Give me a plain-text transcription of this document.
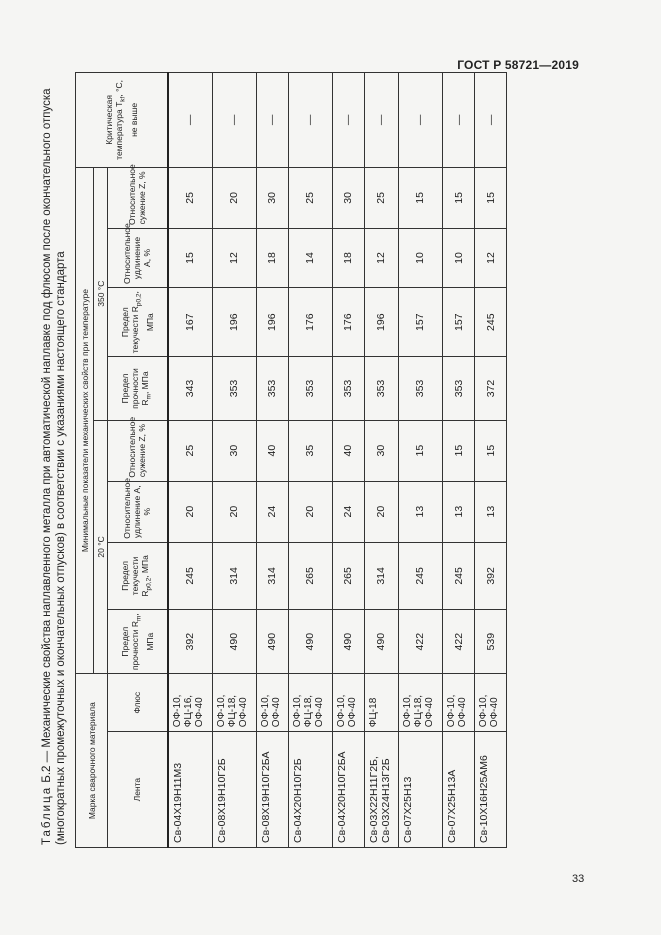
ГОСТ Р 58721—2019
Таблица Б.2 — Механические свойства наплавленного металла при автоматической наплавке под флюсом после окончательного отпуска (многократных промежуточных и окончательных отпусков) в соответствии с указаниями настоящего стандарта Марка сварочного материала		Минимальные показатели механических свойств при температуре								Критическая температура $Т_{kf}$, °С, не выше
		20 °С				350 °С				
Лента	Флюс	Предел прочности $R_m$, МПа	Предел текучести $R_{p0,2}$, МПа	Относительное удлинение A, %	Относительное сужение Z, %	Предел прочности $R_m$, МПа	Предел текучести $R_{p0,2}$, МПа	Относительное удлинение A, %	Относительное сужение Z, %	
Св-04Х19Н11М3	ОФ-10, ФЦ-16, ОФ-40	392	245	20	25	343	167	15	25	—
Св-08Х19Н10Г2Б	ОФ-10, ФЦ-18, ОФ-40	490	314	20	30	353	196	12	20	—
Св-08Х19Н10Г2БА	ОФ-10, ОФ-40	490	314	24	40	353	196	18	30	—
Св-04Х20Н10Г2Б	ОФ-10, ФЦ-18, ОФ-40	490	265	20	35	353	176	14	25	—
Св-04Х20Н10Г2БА	ОФ-10, ОФ-40	490	265	24	40	353	176	18	30	—
Св-03Х22Н11Г2Б, Св-03Х24Н13Г2Б	ФЦ-18	490	314	20	30	353	196	12	25	—
Св-07Х25Н13	ОФ-10, ФЦ-18, ОФ-40	422	245	13	15	353	157	10	15	—
Св-07Х25Н13А	ОФ-10, ОФ-40	422	245	13	15	353	157	10	15	—
Св-10Х16Н25АМ6	ОФ-10, ОФ-40	539	392	13	15	372	245	12	15	—
33
